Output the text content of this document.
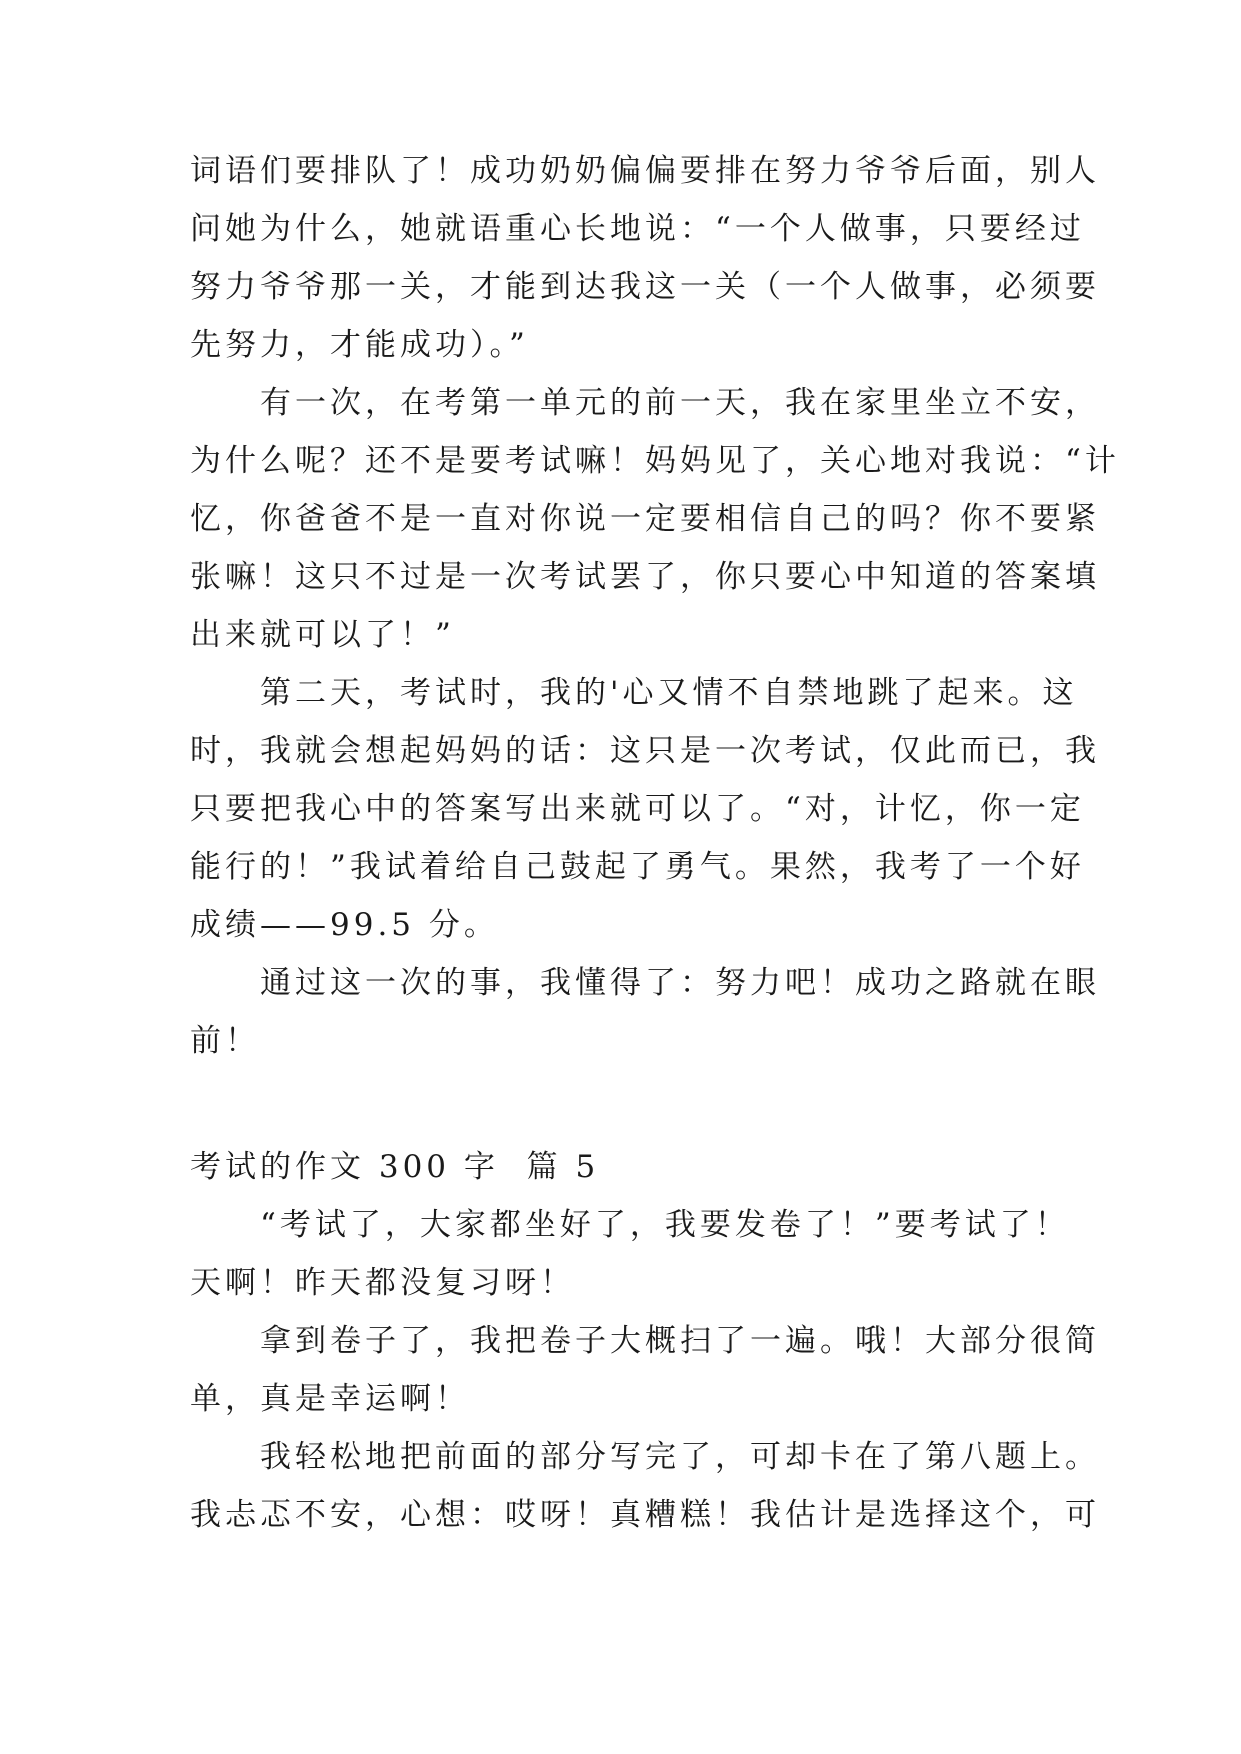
词语们要排队了！成功奶奶偏偏要排在努力爷爷后面，别人

问她为什么，她就语重心长地说：“一个人做事，只要经过

努力爷爷那一关，才能到达我这一关（一个人做事，必须要

先努力，才能成功）。”

　　有一次，在考第一单元的前一天，我在家里坐立不安，

为什么呢？还不是要考试嘛！妈妈见了，关心地对我说：“计

忆，你爸爸不是一直对你说一定要相信自己的吗？你不要紧

张嘛！这只不过是一次考试罢了，你只要心中知道的答案填

出来就可以了！”

　　第二天，考试时，我的'心又情不自禁地跳了起来。这

时，我就会想起妈妈的话：这只是一次考试，仅此而已，我

只要把我心中的答案写出来就可以了。“对，计忆，你一定

能行的！”我试着给自己鼓起了勇气。果然，我考了一个好

成绩——99.5 分。

　　通过这一次的事，我懂得了：努力吧！成功之路就在眼

前！

考试的作文 300 字  篇 5

　　“考试了，大家都坐好了，我要发卷了！”要考试了！

天啊！昨天都没复习呀！

　　拿到卷子了，我把卷子大概扫了一遍。哦！大部分很简

单，真是幸运啊！

　　我轻松地把前面的部分写完了，可却卡在了第八题上。

我忐忑不安，心想：哎呀！真糟糕！我估计是选择这个，可
